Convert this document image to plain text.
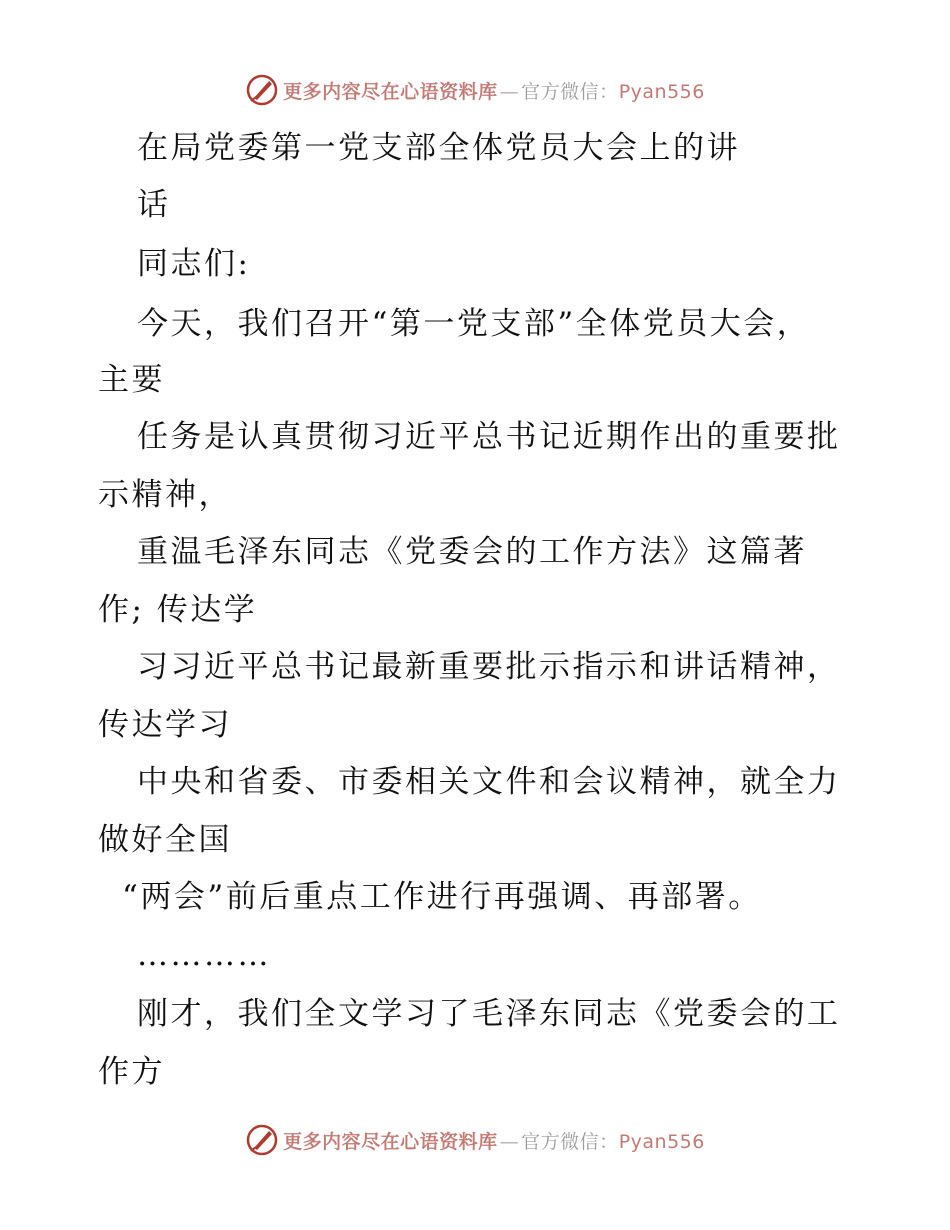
更多内容尽在心语资料库 — 官方微信：Pyan556
在局党委第一党支部全体党员大会上的讲
话
同志们:
今天，我们召开“第一党支部”全体党员大会，
主要
任务是认真贯彻习近平总书记近期作出的重要批
示精神，
重温毛泽东同志《党委会的工作方法》这篇著
作; 传达学
习习近平总书记最新重要批示指示和讲话精神，
传达学习
中央和省委、市委相关文件和会议精神，就全力
做好全国
“两会”前后重点工作进行再强调、再部署。
…………
刚才，我们全文学习了毛泽东同志《党委会的工
作方
更多内容尽在心语资料库 — 官方微信：Pyan556
